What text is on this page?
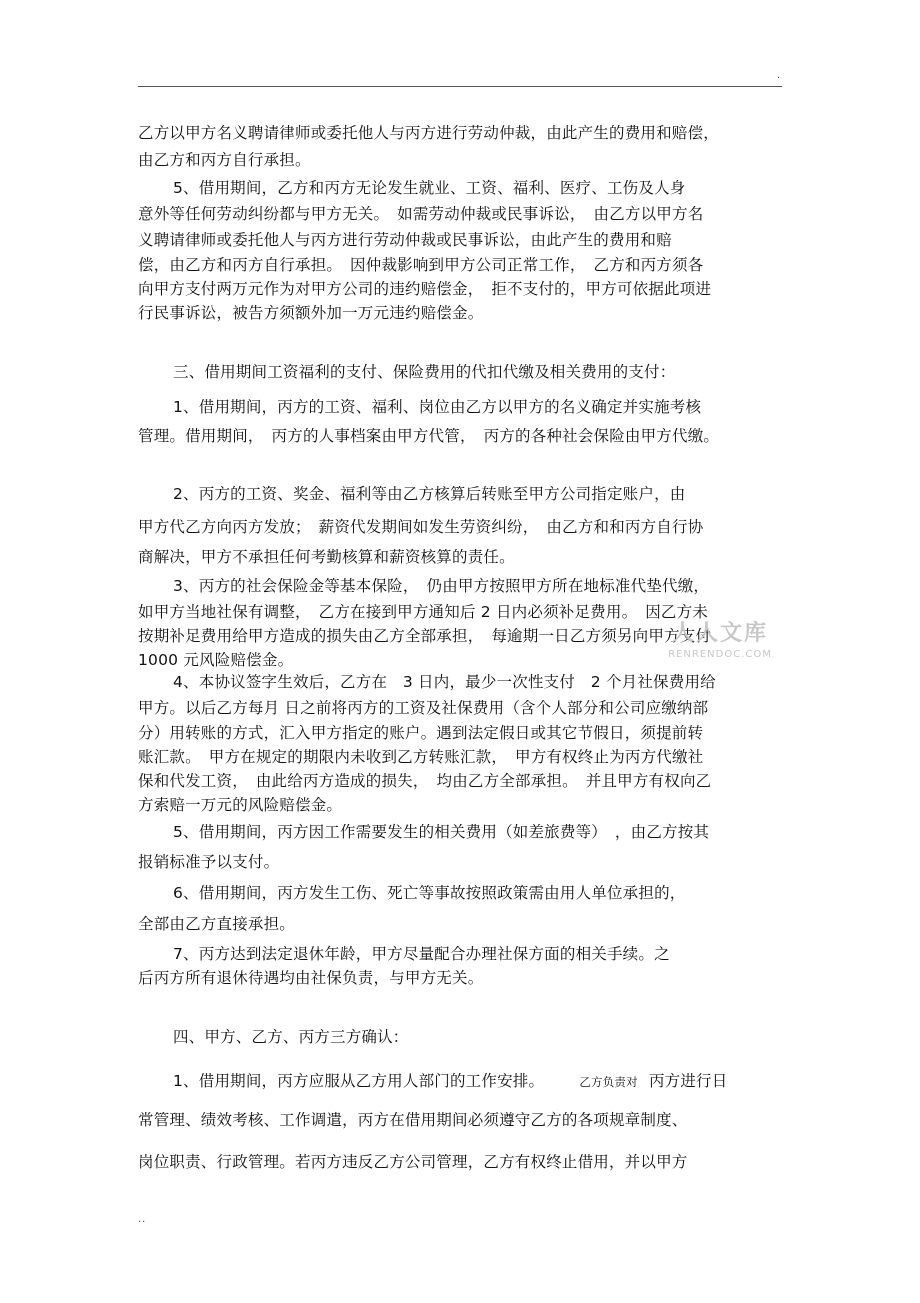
.
乙方以甲方名义聘请律师或委托他人与丙方进行劳动仲裁，由此产生的费用和赔偿，
由乙方和丙方自行承担。
5、借用期间，乙方和丙方无论发生就业、工资、福利、医疗、工伤及人身
意外等任何劳动纠纷都与甲方无关。　如需劳动仲裁或民事诉讼，　由乙方以甲方名
义聘请律师或委托他人与丙方进行劳动仲裁或民事诉讼，由此产生的费用和赔
偿，由乙方和丙方自行承担。　因仲裁影响到甲方公司正常工作，　乙方和丙方须各
向甲方支付两万元作为对甲方公司的违约赔偿金，　拒不支付的，甲方可依据此项进
行民事诉讼，被告方须额外加一万元违约赔偿金。
三、借用期间工资福利的支付、保险费用的代扣代缴及相关费用的支付：
1、借用期间，丙方的工资、福利、岗位由乙方以甲方的名义确定并实施考核
管理。借用期间，　丙方的人事档案由甲方代管，　丙方的各种社会保险由甲方代缴。
2、丙方的工资、奖金、福利等由乙方核算后转账至甲方公司指定账户，由
甲方代乙方向丙方发放；　薪资代发期间如发生劳资纠纷，　由乙方和和丙方自行协
商解决，甲方不承担任何考勤核算和薪资核算的责任。
3、丙方的社会保险金等基本保险，　仍由甲方按照甲方所在地标准代垫代缴，
如甲方当地社保有调整，　乙方在接到甲方通知后 2 日内必须补足费用。　因乙方未
按期补足费用给甲方造成的损失由乙方全部承担，　每逾期一日乙方须另向甲方支付
1000 元风险赔偿金。
4、本协议签字生效后，乙方在　3 日内，最少一次性支付　2 个月社保费用给
甲方。以后乙方每月 日之前将丙方的工资及社保费用（含个人部分和公司应缴纳部
分）用转账的方式，汇入甲方指定的账户。遇到法定假日或其它节假日，须提前转
账汇款。　甲方在规定的期限内未收到乙方转账汇款，　甲方有权终止为丙方代缴社
保和代发工资，　由此给丙方造成的损失，　均由乙方全部承担。　并且甲方有权向乙
方索赔一万元的风险赔偿金。
5、借用期间，丙方因工作需要发生的相关费用（如差旅费等）　，由乙方按其
报销标准予以支付。
6、借用期间，丙方发生工伤、死亡等事故按照政策需由用人单位承担的，
全部由乙方直接承担。
7、丙方达到法定退休年龄，甲方尽量配合办理社保方面的相关手续。之
后丙方所有退休待遇均由社保负责，与甲方无关。
四、甲方、乙方、丙方三方确认：
1、借用期间，丙方应服从乙方用人部门的工作安排。	乙方负责对 丙方进行日
常管理、绩效考核、工作调遣，丙方在借用期间必须遵守乙方的各项规章制度、
岗位职责、行政管理。若丙方违反乙方公司管理，乙方有权终止借用，并以甲方
人人文库
RENRENDOC.COM
..
